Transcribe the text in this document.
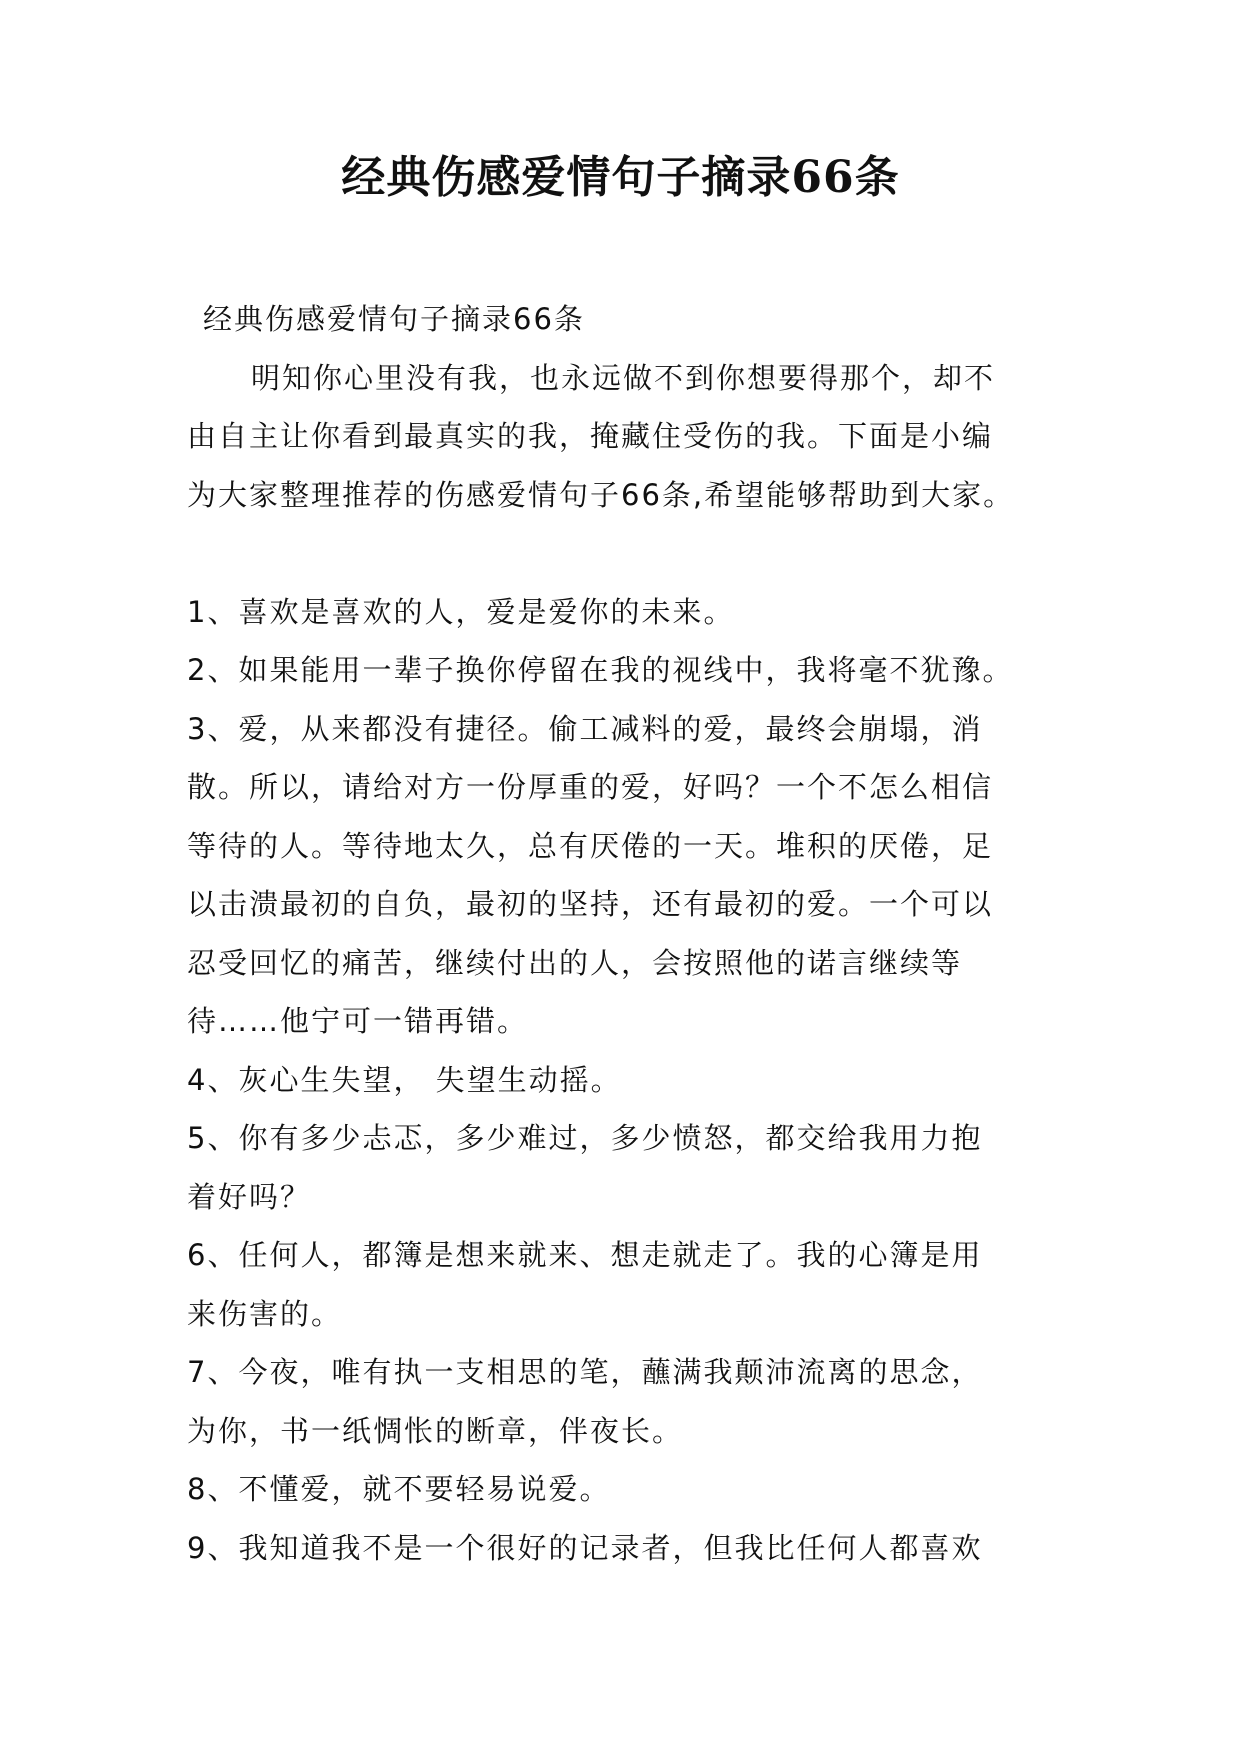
经典伤感爱情句子摘录66条
经典伤感爱情句子摘录66条
明知你心里没有我，也永远做不到你想要得那个，却不
由自主让你看到最真实的我，掩藏住受伤的我。下面是小编
为大家整理推荐的伤感爱情句子66条,希望能够帮助到大家。
1、喜欢是喜欢的人，爱是爱你的未来。
2、如果能用一辈子换你停留在我的视线中，我将毫不犹豫。
3、爱，从来都没有捷径。偷工减料的爱，最终会崩塌，消
散。所以，请给对方一份厚重的爱，好吗？一个不怎么相信
等待的人。等待地太久，总有厌倦的一天。堆积的厌倦，足
以击溃最初的自负，最初的坚持，还有最初的爱。一个可以
忍受回忆的痛苦，继续付出的人，会按照他的诺言继续等
待……他宁可一错再错。
4、灰心生失望， 失望生动摇。
5、你有多少忐忑，多少难过，多少愤怒，都交给我用力抱
着好吗？
6、任何人，都簿是想来就来、想走就走了。我的心簿是用
来伤害的。
7、今夜，唯有执一支相思的笔，蘸满我颠沛流离的思念，
为你，书一纸惆怅的断章，伴夜长。
8、不懂爱，就不要轻易说爱。
9、我知道我不是一个很好的记录者，但我比任何人都喜欢
